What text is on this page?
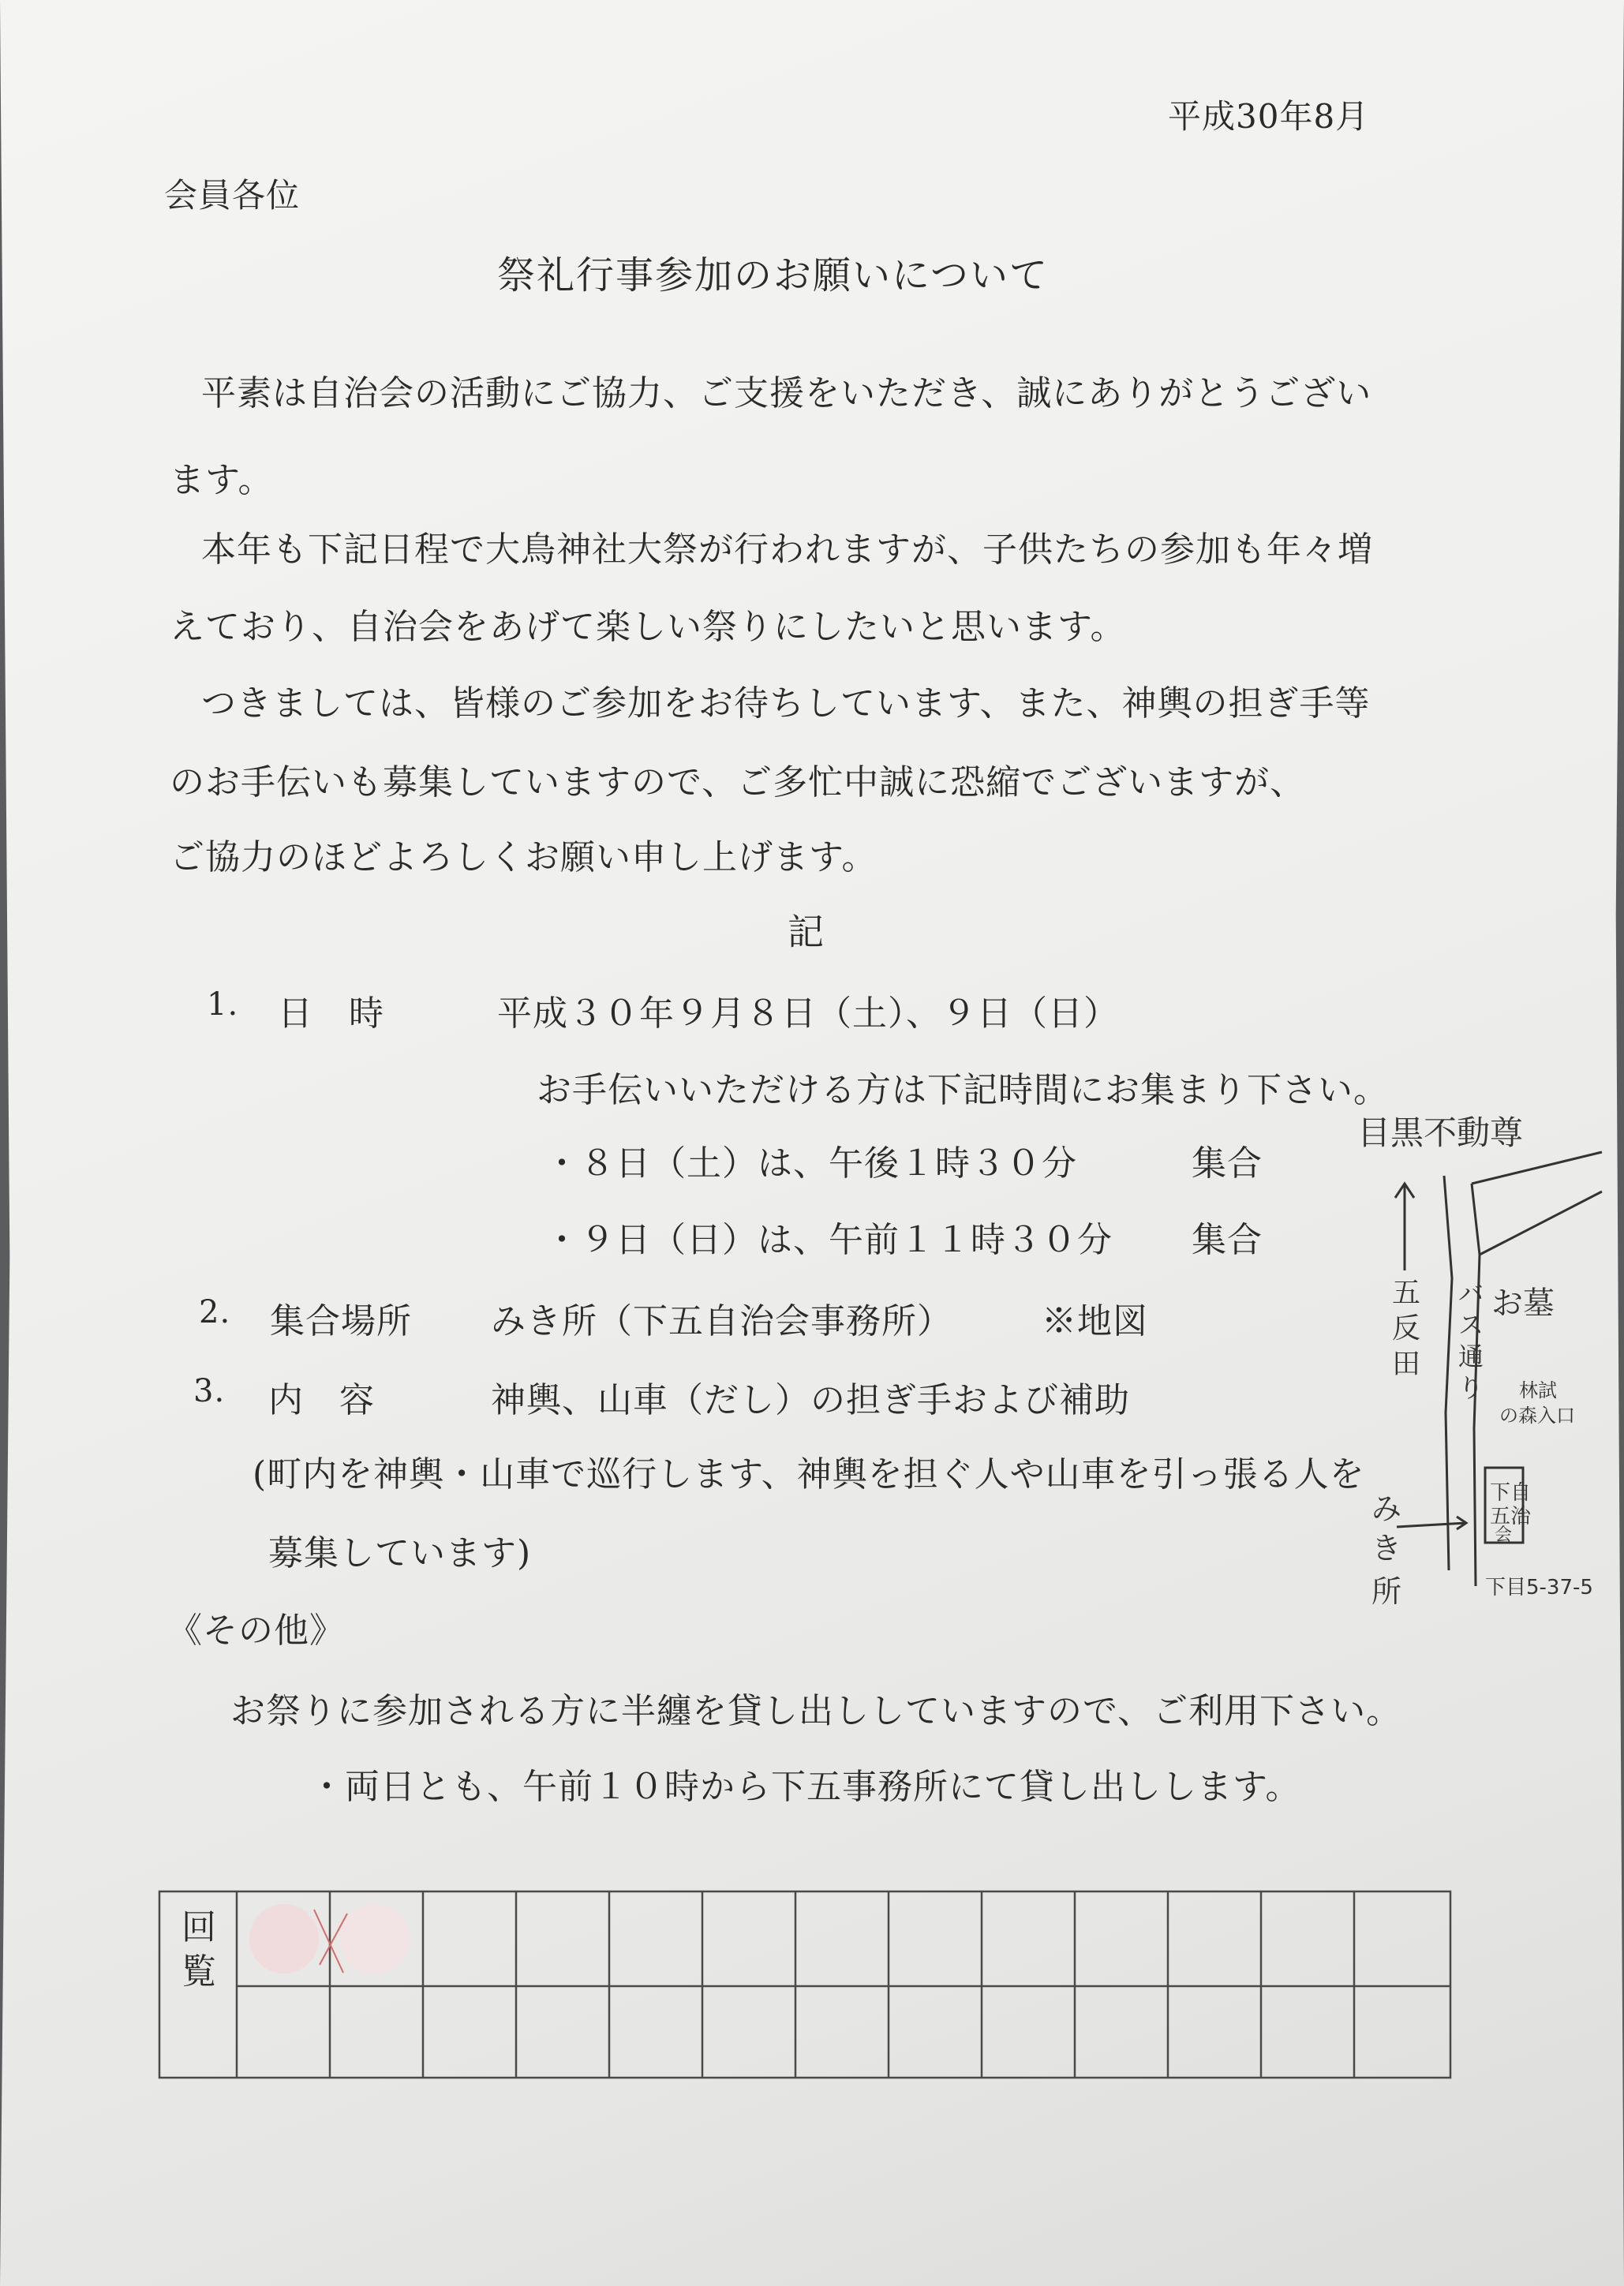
平成30年8月
会員各位
祭礼行事参加のお願いについて
平素は自治会の活動にご協力、ご支援をいただき、誠にありがとうござい
ます。
本年も下記日程で大鳥神社大祭が行われますが、子供たちの参加も年々増
えており、自治会をあげて楽しい祭りにしたいと思います。
つきましては、皆様のご参加をお待ちしています、また、神輿の担ぎ手等
のお手伝いも募集していますので、ご多忙中誠に恐縮でございますが、
ご協力のほどよろしくお願い申し上げます。
記
1. 日　時	平成３０年９月８日（土）、９日（日）
お手伝いいただける方は下記時間にお集まり下さい。
・８日（土）は、午後１時３０分	集合
・９日（日）は、午前１１時３０分 集合
2. 集合場所 みき所（下五自治会事務所）	※地図
3. 内　容	神輿、山車（だし）の担ぎ手および補助
(町内を神輿・山車で巡行します、神輿を担ぐ人や山車を引っ張る人を
募集しています)
《その他》
お祭りに参加される方に半纏を貸し出ししていますので、ご利用下さい。
・両日とも、午前１０時から下五事務所にて貸し出しします。
目黒不動尊
五
反
田
バ
ス
通
り
お墓
林試
の森入口
下自
五治
会
み
き
所	下目5-37-5
回
覧
